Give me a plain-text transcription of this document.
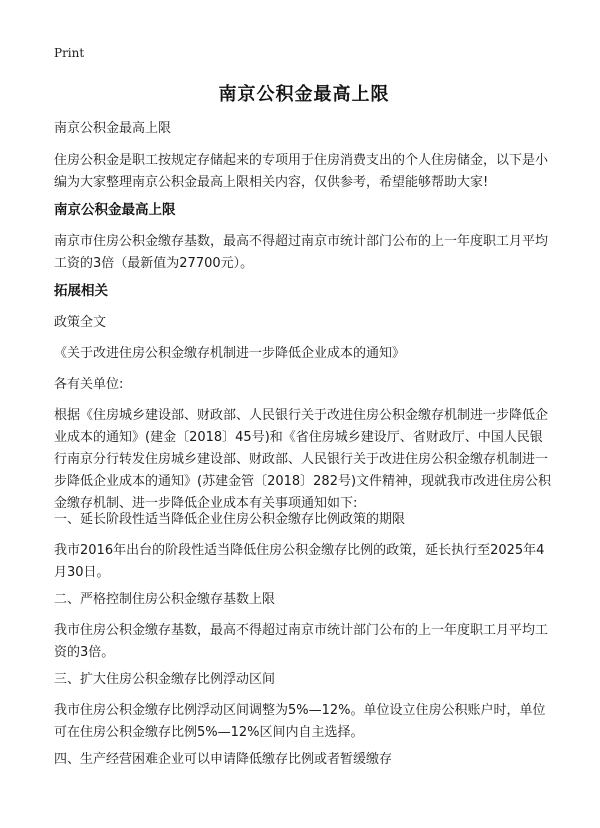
Print
南京公积金最高上限

南京公积金最高上限

住房公积金是职工按规定存储起来的专项用于住房消费支出的个人住房储金，以下是小编为大家整理南京公积金最高上限相关内容，仅供参考，希望能够帮助大家!

南京公积金最高上限

南京市住房公积金缴存基数，最高不得超过南京市统计部门公布的上一年度职工月平均工资的3倍（最新值为27700元）。

拓展相关

政策全文

《关于改进住房公积金缴存机制进一步降低企业成本的通知》

各有关单位:

根据《住房城乡建设部、财政部、人民银行关于改进住房公积金缴存机制进一步降低企业成本的通知》(建金〔2018〕45号)和《省住房城乡建设厅、省财政厅、中国人民银行南京分行转发住房城乡建设部、财政部、人民银行关于改进住房公积金缴存机制进一步降低企业成本的通知》(苏建金管〔2018〕282号)文件精神，现就我市改进住房公积金缴存机制、进一步降低企业成本有关事项通知如下:

一、延长阶段性适当降低企业住房公积金缴存比例政策的期限

我市2016年出台的阶段性适当降低住房公积金缴存比例的政策，延长执行至2025年4月30日。

二、严格控制住房公积金缴存基数上限

我市住房公积金缴存基数，最高不得超过南京市统计部门公布的上一年度职工月平均工资的3倍。

三、扩大住房公积金缴存比例浮动区间

我市住房公积金缴存比例浮动区间调整为5%—12%。单位设立住房公积账户时，单位可在住房公积金缴存比例5%—12%区间内自主选择。

四、生产经营困难企业可以申请降低缴存比例或者暂缓缴存
